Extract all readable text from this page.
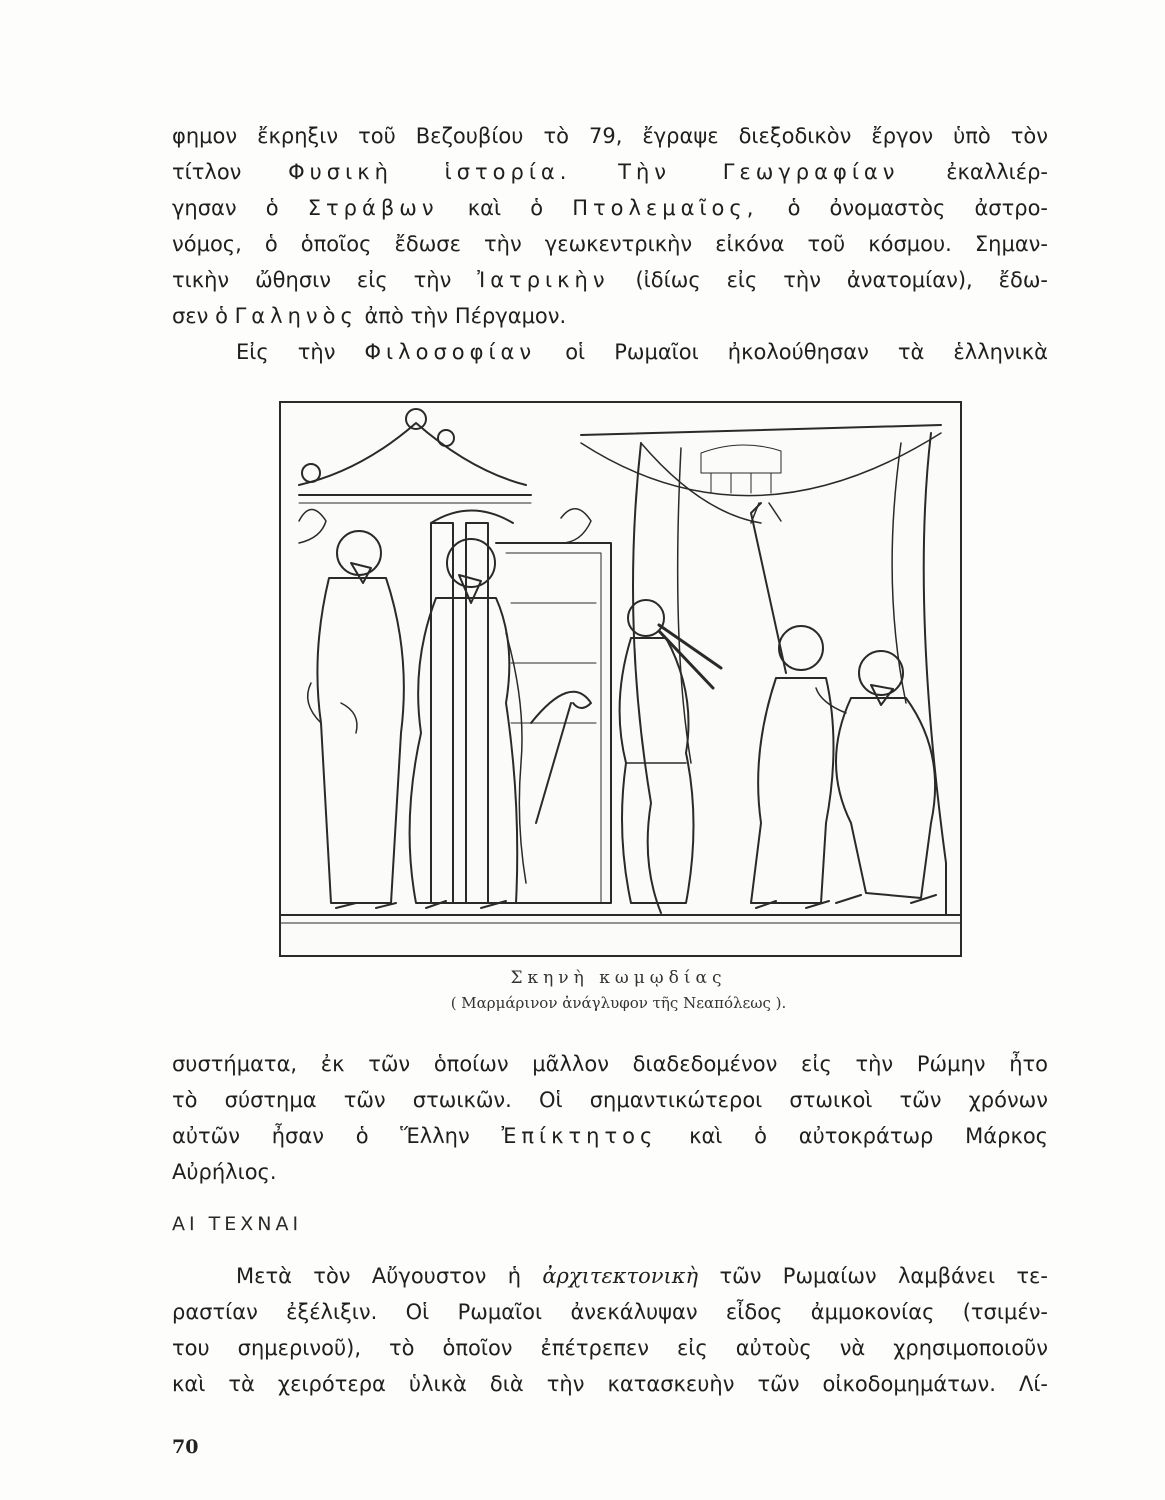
φημον ἔκρηξιν τοῦ Βεζουβίου τὸ 79, ἔγραψε διεξοδικὸν ἔργον ὑπὸ τὸν
τίτλον Φυσικὴ ἱστορία. Τὴν Γεωγραφίαν ἐκαλλιέρ-
γησαν ὁ Στράβων καὶ ὁ Πτολεμαῖος, ὁ ὀνομαστὸς ἀστρο-
νόμος, ὁ ὁποῖος ἔδωσε τὴν γεωκεντρικὴν εἰκόνα τοῦ κόσμου. Σημαν-
τικὴν ὤθησιν εἰς τὴν Ἰατρικὴν (ἰδίως εἰς τὴν ἀνατομίαν), ἔδω-
σεν ὁ Γαληνὸς ἀπὸ τὴν Πέργαμον.
Εἰς τὴν Φιλοσοφίαν οἱ Ρωμαῖοι ἠκολούθησαν τὰ ἑλληνικὰ
Σκηνὴ κωμῳδίας
( Μαρμάρινον ἀνάγλυφον τῆς Νεαπόλεως ).
συστήματα, ἐκ τῶν ὁποίων μᾶλλον διαδεδομένον εἰς τὴν Ρώμην ἦτο
τὸ σύστημα τῶν στωικῶν. Οἱ σημαντικώτεροι στωικοὶ τῶν χρόνων
αὐτῶν ἦσαν ὁ Ἕλλην Ἐπίκτητος καὶ ὁ αὐτοκράτωρ Μάρκος
Αὐρήλιος.
ΑΙ ΤΕΧΝΑΙ
Μετὰ τὸν Αὔγουστον ἡ ἀρχιτεκτονικὴ τῶν Ρωμαίων λαμβάνει τε-
ραστίαν ἐξέλιξιν. Οἱ Ρωμαῖοι ἀνεκάλυψαν εἶδος ἀμμοκονίας (τσιμέν-
του σημερινοῦ), τὸ ὁποῖον ἐπέτρεπεν εἰς αὐτοὺς νὰ χρησιμοποιοῦν
καὶ τὰ χειρότερα ὑλικὰ διὰ τὴν κατασκευὴν τῶν οἰκοδομημάτων. Λί-
70
